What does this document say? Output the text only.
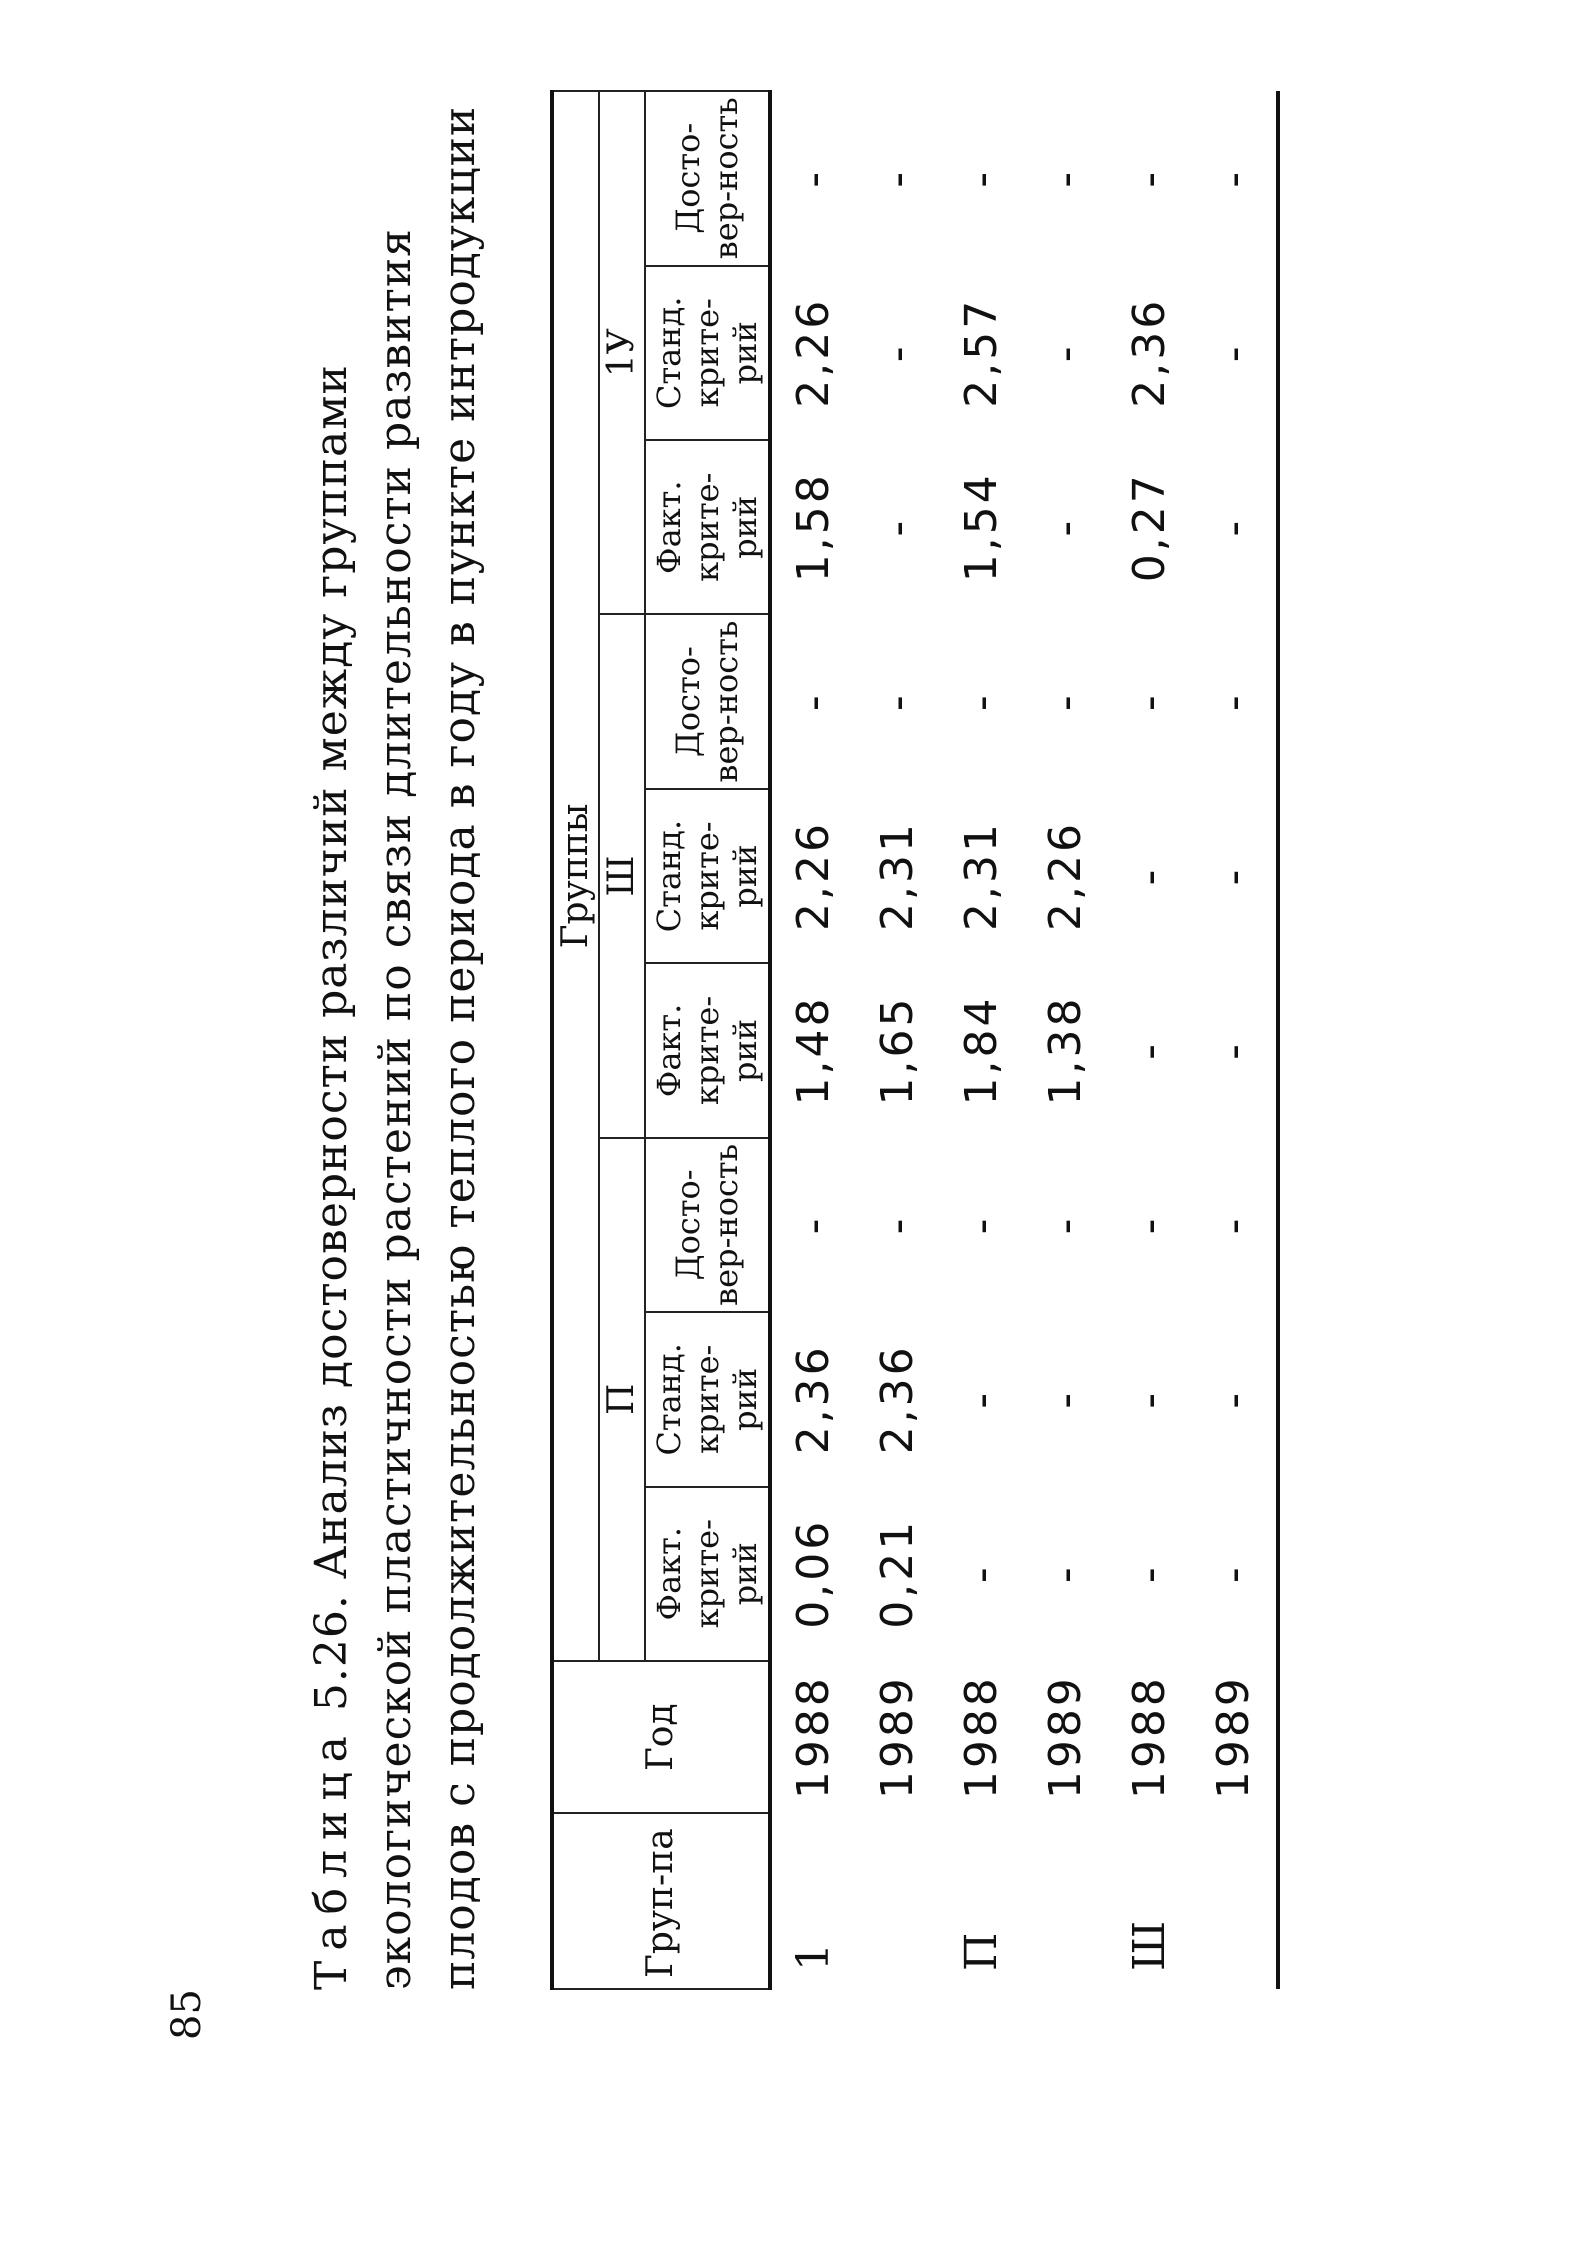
85
Таблица 5.26. Анализ достоверности различий между группами экологической пластичности растений по связи длительности развития плодов с продолжительностью теплого периода в году в пункте интродукции	Груп-па	Год	Группы								
		П			Ш			1У		
		Факт. крите-рий	Станд. крите-рий	Досто-вер-ность	Факт. крите-рий	Станд. крите-рий	Досто-вер-ность	Факт. крите-рий	Станд. крите-рий	Досто-вер-ность
1	1988	0,06	2,36	-	1,48	2,26	-	1,58	2,26	-
	1989	0,21	2,36	-	1,65	2,31	-	-	-	-
П	1988	-	-	-	1,84	2,31	-	1,54	2,57	-
	1989	-	-	-	1,38	2,26	-	-	-	-
Ш	1988	-	-	-	-	-	-	0,27	2,36	-
	1989	-	-	-	-	-	-	-	-	-
